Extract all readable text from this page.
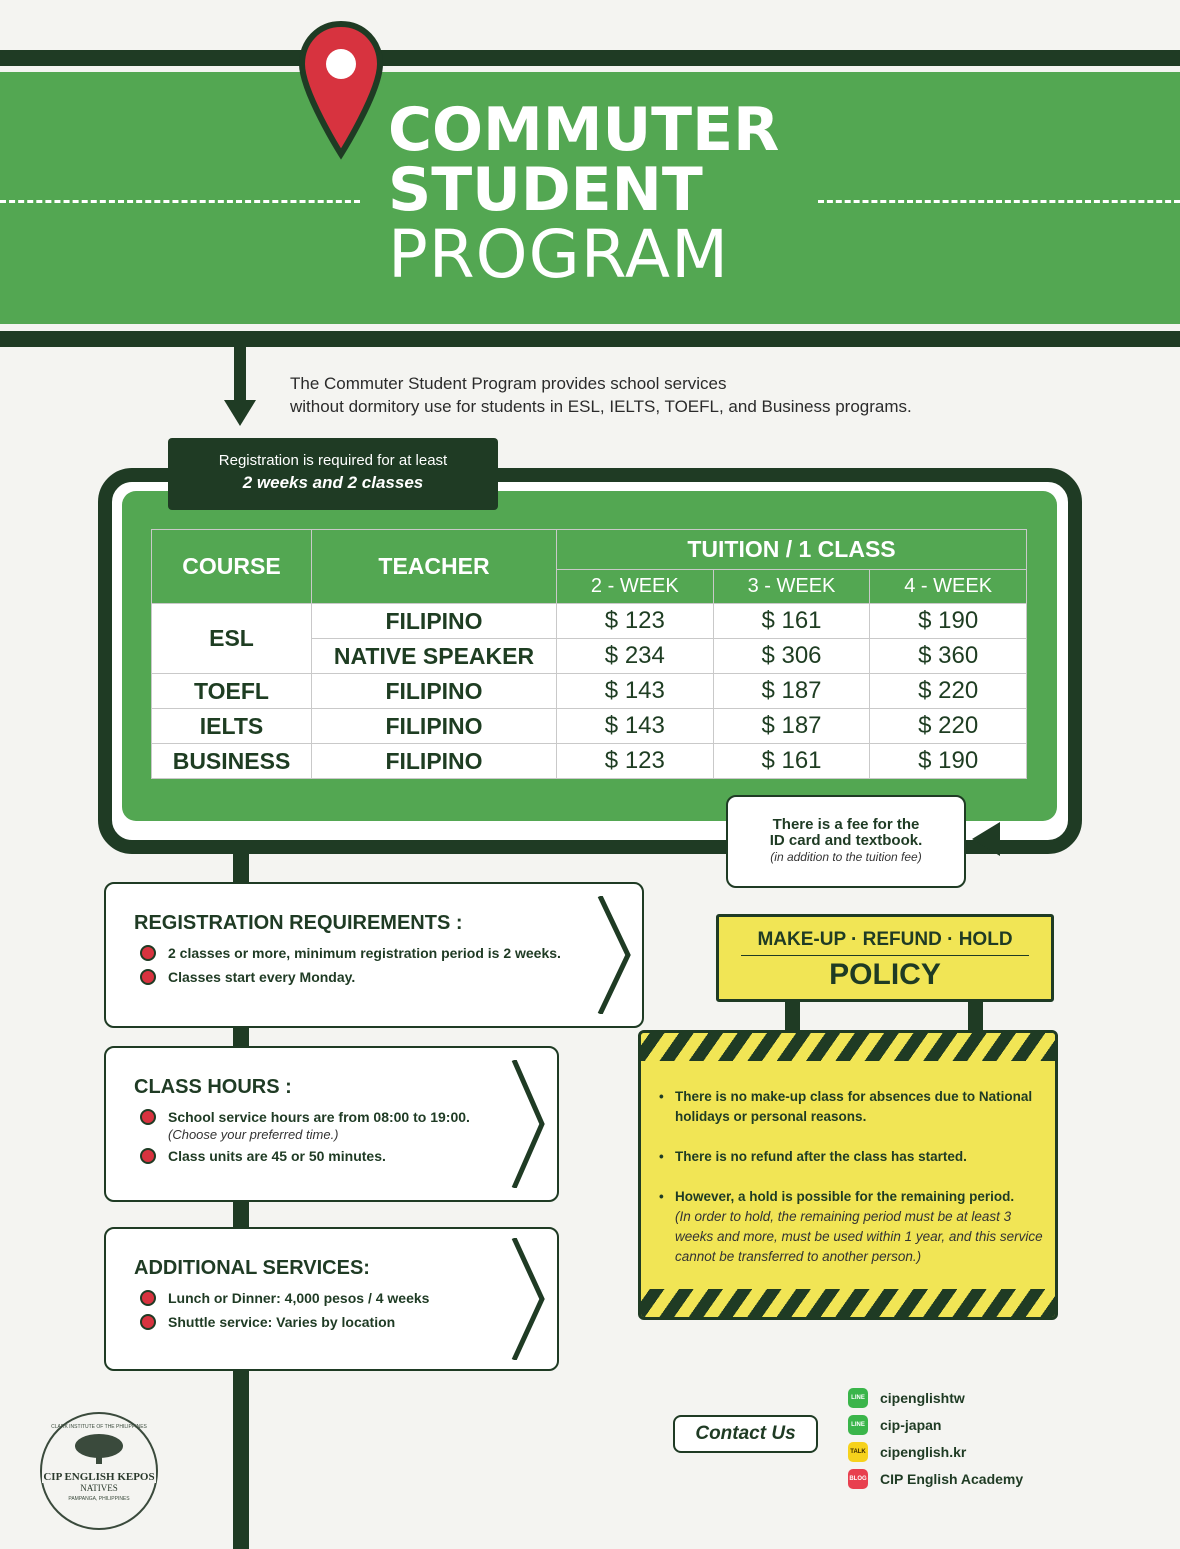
COMMUTER
STUDENT
PROGRAM
The Commuter Student Program provides school services
without dormitory use for students in ESL, IELTS, TOEFL, and Business programs.
Registration is required for at least
2 weeks and 2 classes
COURSE	TEACHER	TUITION / 1 CLASS		
		2 - WEEK	3 - WEEK	4 - WEEK
ESL	FILIPINO	$ 123	$ 161	$ 190
	NATIVE SPEAKER	$ 234	$ 306	$ 360
TOEFL	FILIPINO	$ 143	$ 187	$ 220
IELTS	FILIPINO	$ 143	$ 187	$ 220
BUSINESS	FILIPINO	$ 123	$ 161	$ 190
There is a fee for the
ID card and textbook.
(in addition to the tuition fee)
REGISTRATION REQUIREMENTS :
2 classes or more, minimum registration period is 2 weeks.
Classes start every Monday.
CLASS HOURS :
School service hours are from 08:00 to 19:00.
(Choose your preferred time.)
Class units are 45 or 50 minutes.
ADDITIONAL SERVICES:
Lunch or Dinner: 4,000 pesos / 4 weeks
Shuttle service: Varies by location
MAKE-UP · REFUND · HOLD
POLICY
• There is no make-up class for absences due to National holidays or personal reasons.
• There is no refund after the class has started.
• However, a hold is possible for the remaining period.
(In order to hold, the remaining period must be at least 3 weeks and more, must be used within 1 year, and this service cannot be transferred to another person.)
Contact Us
LINE cipenglishtw
LINE cip-japan
TALK cipenglish.kr
BLOG CIP English Academy
CLARK INSTITUTE OF THE PHILIPPINES
CIP ENGLISH KEPOS
NATIVES
PAMPANGA, PHILIPPINES
